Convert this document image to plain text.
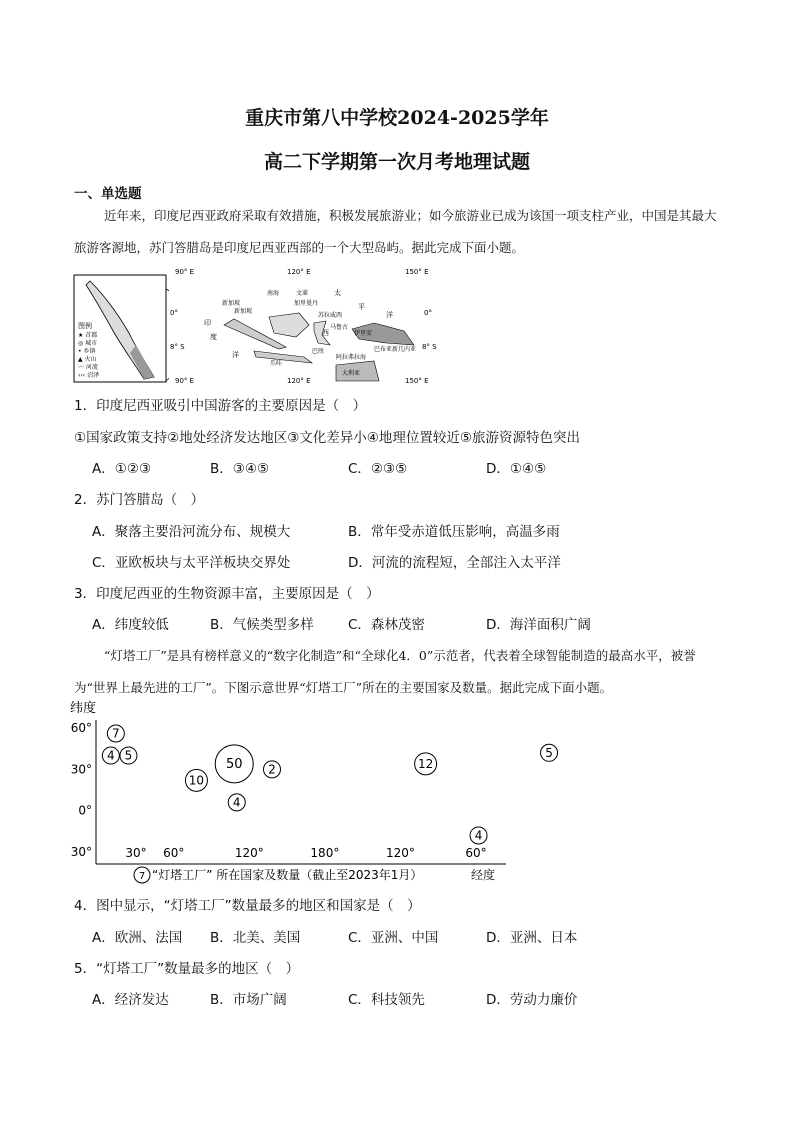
重庆市第八中学校2024-2025学年
高二下学期第一次月考地理试题
一、单选题
近年来，印度尼西亚政府采取有效措施，积极发展旅游业；如今旅游业已成为该国一项支柱产业，中国是其最大旅游客源地，苏门答腊岛是印度尼西亚西部的一个大型岛屿。据此完成下面小题。
图例
★ 首都
◎ 城市
• 乡镇
▲ 火山
〰 河流
‹‹‹ 沼泽
90° E	120° E	150° E
90° E	120° E	150° E
0°
8° S	8° S
0°
新加坡
南海	文莱
加里曼丹
新加坡
太
平
洋
苏拉威西
马鲁古
印
度
洋
西	伊里安
巴布亚新几内亚
巴厘
爪哇
阿拉弗拉海
大利亚
1．印度尼西亚吸引中国游客的主要原因是（　）
①国家政策支持②地处经济发达地区③文化差异小④地理位置较近⑤旅游资源特色突出
A．①②③	B．③④⑤	C．②③⑤	D．①④⑤
2．苏门答腊岛（　）
A．聚落主要沿河流分布、规模大	B．常年受赤道低压影响，高温多雨
C．亚欧板块与太平洋板块交界处	D．河流的流程短，全部注入太平洋
3．印度尼西亚的生物资源丰富，主要原因是（　）
A．纬度较低	B．气候类型多样	C．森林茂密	D．海洋面积广阔
“灯塔工厂”是具有榜样意义的“数字化制造”和“全球化4．0”示范者，代表着全球智能制造的最高水平，被誉为“世界上最先进的工厂”。下图示意世界“灯塔工厂”所在的主要国家及数量。据此完成下面小题。
纬度
60°
30°
0°
30°	30° 60°	120°	180°	120°	60°
7
5
4 5
10
50 2
4
12
4
7 “灯塔工厂” 所在国家及数量（截止至2023年1月）	经度
4．图中显示，“灯塔工厂”数量最多的地区和国家是（　）
A．欧洲、法国 B．北美、美国	C．亚洲、中国	D．亚洲、日本
5．“灯塔工厂”数量最多的地区（　）
A．经济发达	B．市场广阔	C．科技领先	D．劳动力廉价
